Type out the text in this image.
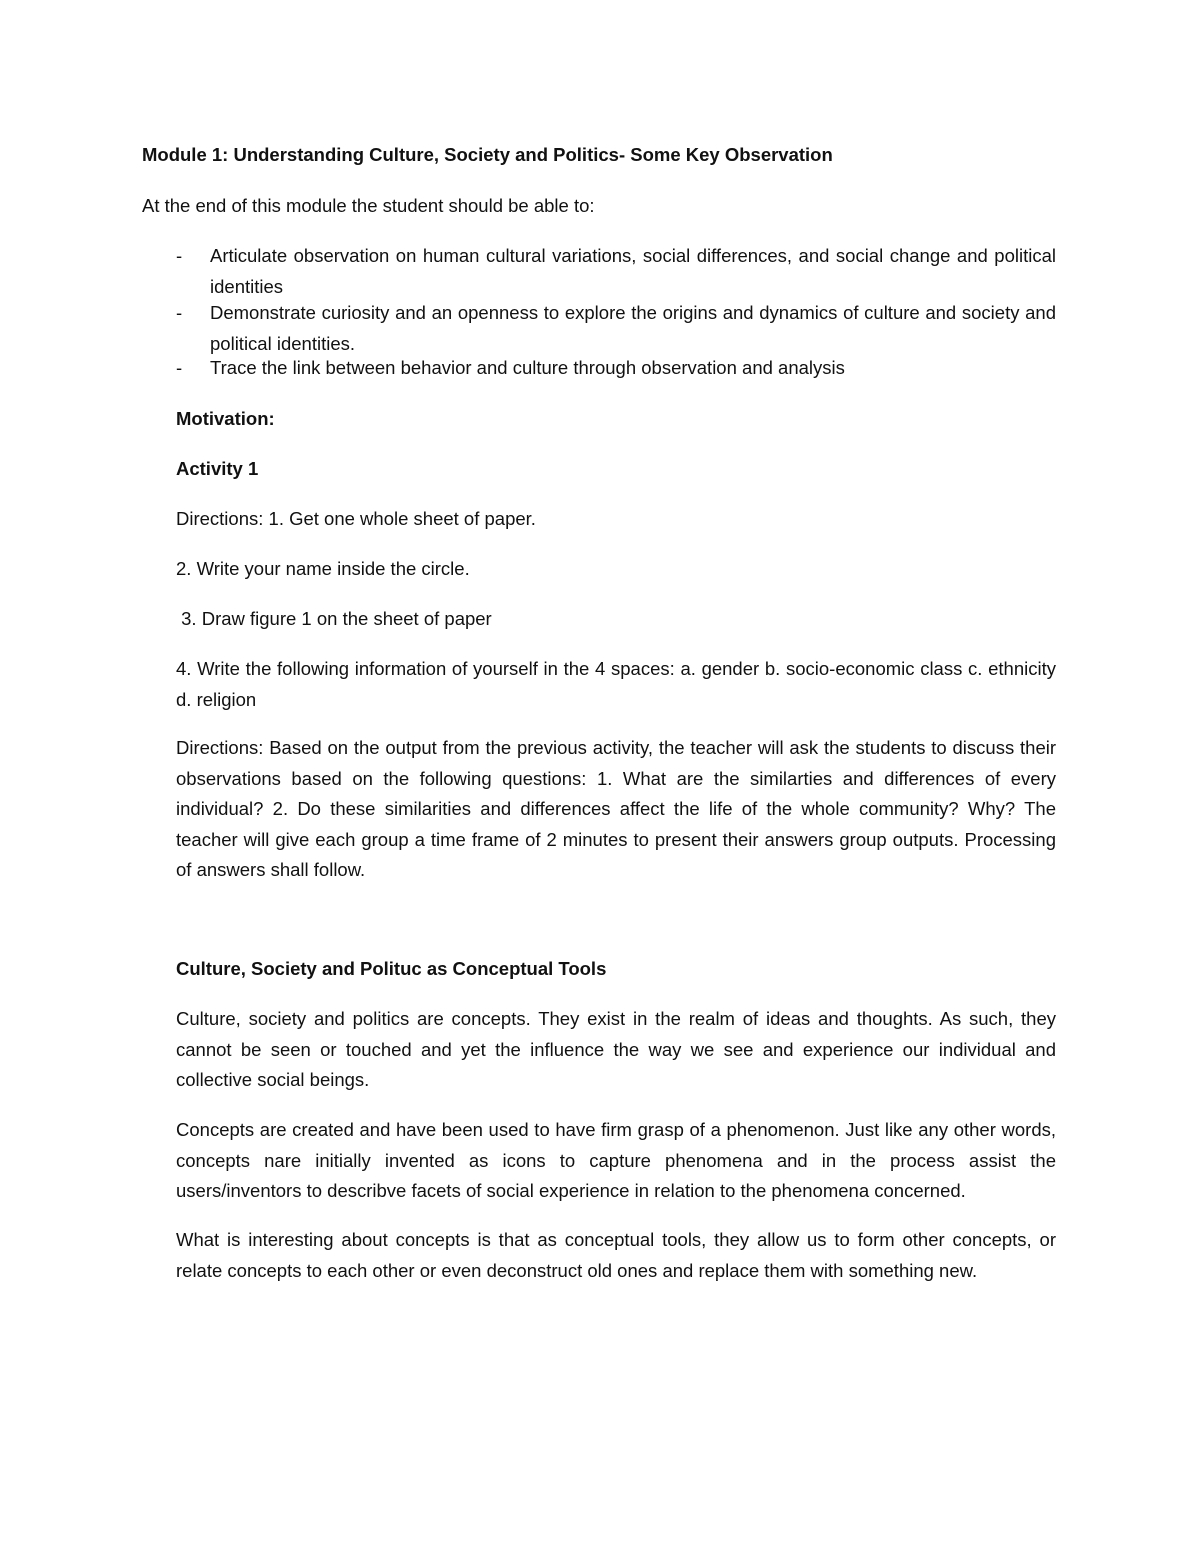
Module 1: Understanding Culture, Society and Politics- Some Key Observation
At the end of this module the student should be able to:
- Articulate observation on human cultural variations, social differences, and social change and political identities
- Demonstrate curiosity and an openness to explore the origins and dynamics of culture and society and political identities.
- Trace the link between behavior and culture through observation and analysis
Motivation:
Activity 1
Directions: 1. Get one whole sheet of paper.
2. Write your name inside the circle.
3. Draw figure 1 on the sheet of paper
4. Write the following information of yourself in the 4 spaces: a. gender b. socio-economic class c. ethnicity d. religion
Directions: Based on the output from the previous activity, the teacher will ask the students to discuss their observations based on the following questions: 1. What are the similarties and differences of every individual? 2. Do these similarities and differences affect the life of the whole community? Why? The teacher will give each group a time frame of 2 minutes to present their answers group outputs. Processing of answers shall follow.
Culture, Society and Polituc as Conceptual Tools
Culture, society and politics are concepts. They exist in the realm of ideas and thoughts. As such, they cannot be seen or touched and yet the influence the way we see and experience our individual and collective social beings.
Concepts are created and have been used to have firm grasp of a phenomenon. Just like any other words, concepts nare initially invented as icons to capture phenomena and in the process assist the users/inventors to describve facets of social experience in relation to the phenomena concerned.
What is interesting about concepts is that as conceptual tools, they allow us to form other concepts, or relate concepts to each other or even deconstruct old ones and replace them with something new.
